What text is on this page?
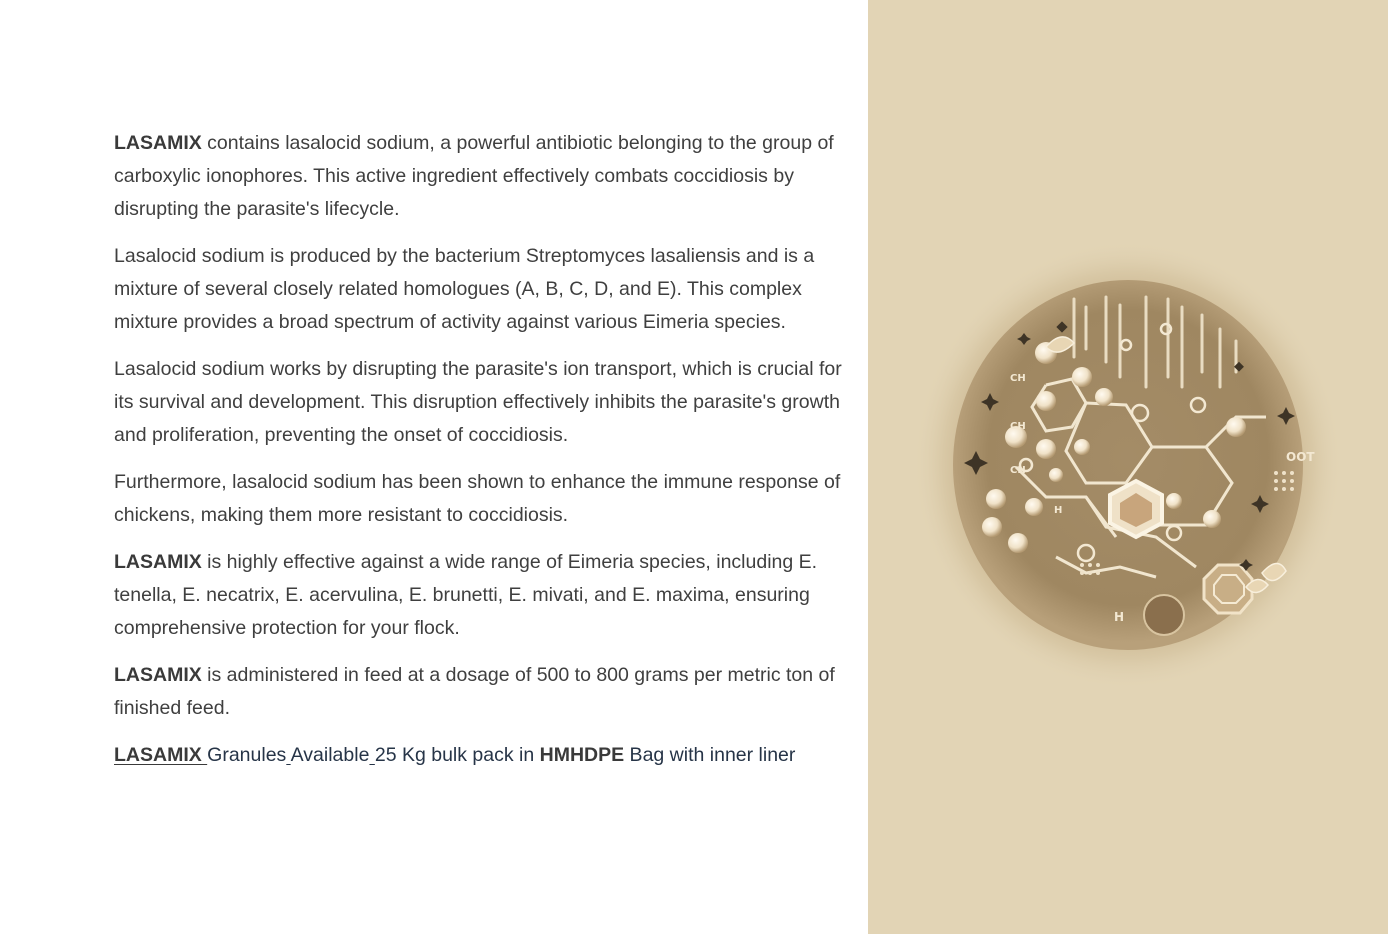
LASAMIX contains lasalocid sodium, a powerful antibiotic belonging to the group of carboxylic ionophores. This active ingredient effectively combats coccidiosis by disrupting the parasite's lifecycle.

Lasalocid sodium is produced by the bacterium Streptomyces lasaliensis and is a mixture of several closely related homologues (A, B, C, D, and E). This complex mixture provides a broad spectrum of activity against various Eimeria species.

Lasalocid sodium works by disrupting the parasite's ion transport, which is crucial for its survival and development. This disruption effectively inhibits the parasite's growth and proliferation, preventing the onset of coccidiosis.

Furthermore, lasalocid sodium has been shown to enhance the immune response of chickens, making them more resistant to coccidiosis.

LASAMIX is highly effective against a wide range of Eimeria species, including E. tenella, E. necatrix, E. acervulina, E. brunetti, E. mivati, and E. maxima, ensuring comprehensive protection for your flock.

LASAMIX is administered in feed at a dosage of 500 to 800 grams per metric ton of finished feed.

LASAMIX Granules Available 25 Kg bulk pack in HMHDPE Bag with inner liner

CH
CH
CH
OOT
H
H
